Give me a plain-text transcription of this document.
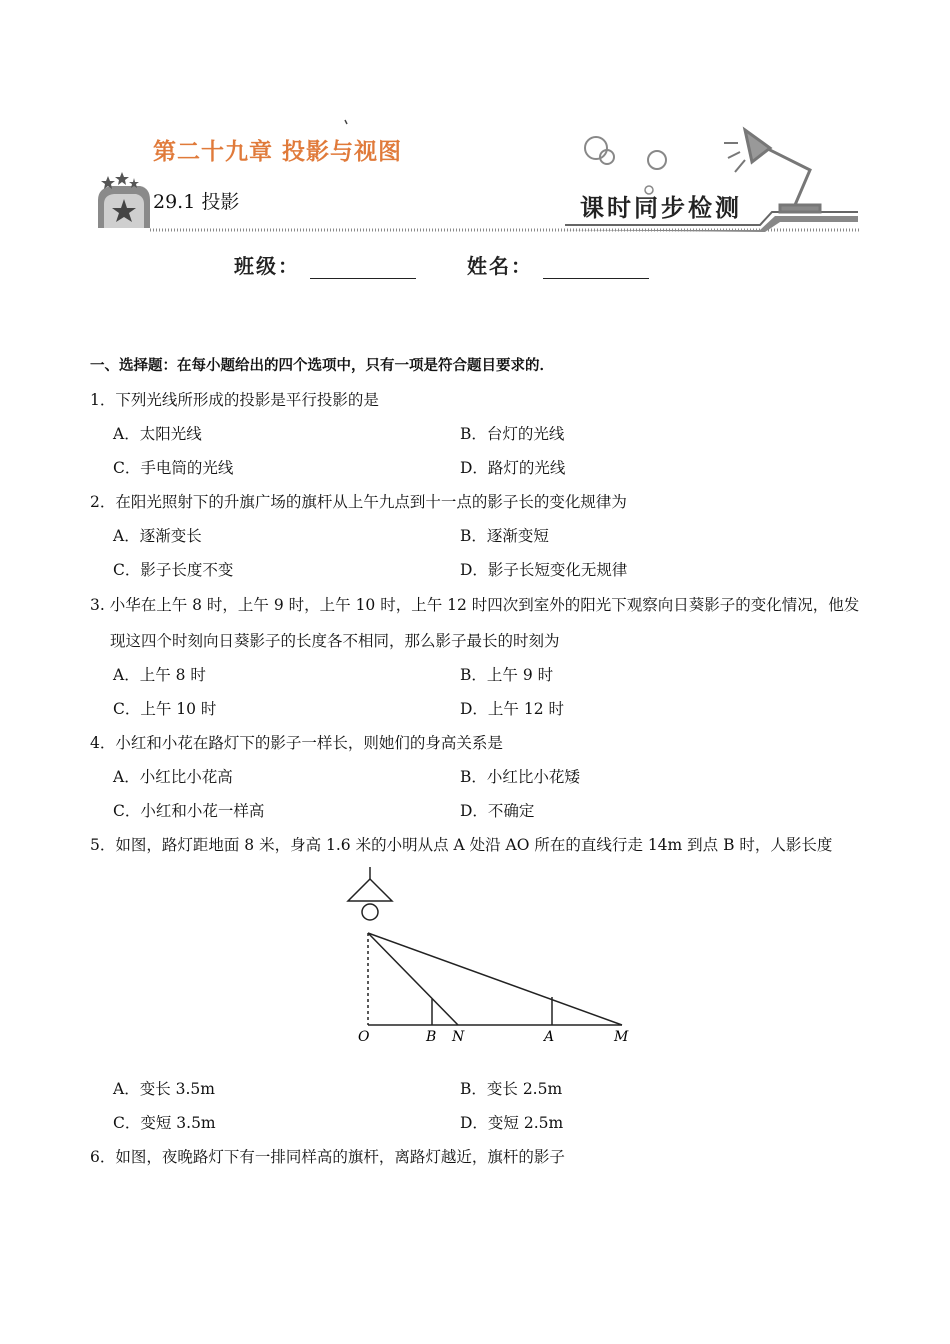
第二十九章 投影与视图
29.1 投影	课时同步检测
班级：	姓名：
一、选择题：在每小题给出的四个选项中，只有一项是符合题目要求的．
1．下列光线所形成的投影是平行投影的是
A．太阳光线	B．台灯的光线
C．手电筒的光线	D．路灯的光线
2．在阳光照射下的升旗广场的旗杆从上午九点到十一点的影子长的变化规律为
A．逐渐变长	B．逐渐变短
C．影子长度不变	D．影子长短变化无规律
3. 小华在上午 8 时，上午 9 时，上午 10 时，上午 12 时四次到室外的阳光下观察向日葵影子的变化情况，他发
现这四个时刻向日葵影子的长度各不相同，那么影子最长的时刻为
A．上午 8 时	B．上午 9 时
C．上午 10 时	D．上午 12 时
4．小红和小花在路灯下的影子一样长，则她们的身高关系是
A．小红比小花高	B．小红比小花矮
C．小红和小花一样高	D．不确定
5．如图，路灯距地面 8 米，身高 1.6 米的小明从点 A 处沿 AO 所在的直线行走 14m 到点 B 时，人影长度
O	B N	A	M
A．变长 3.5m	B．变长 2.5m
C．变短 3.5m	D．变短 2.5m
6．如图，夜晚路灯下有一排同样高的旗杆，离路灯越近，旗杆的影子
